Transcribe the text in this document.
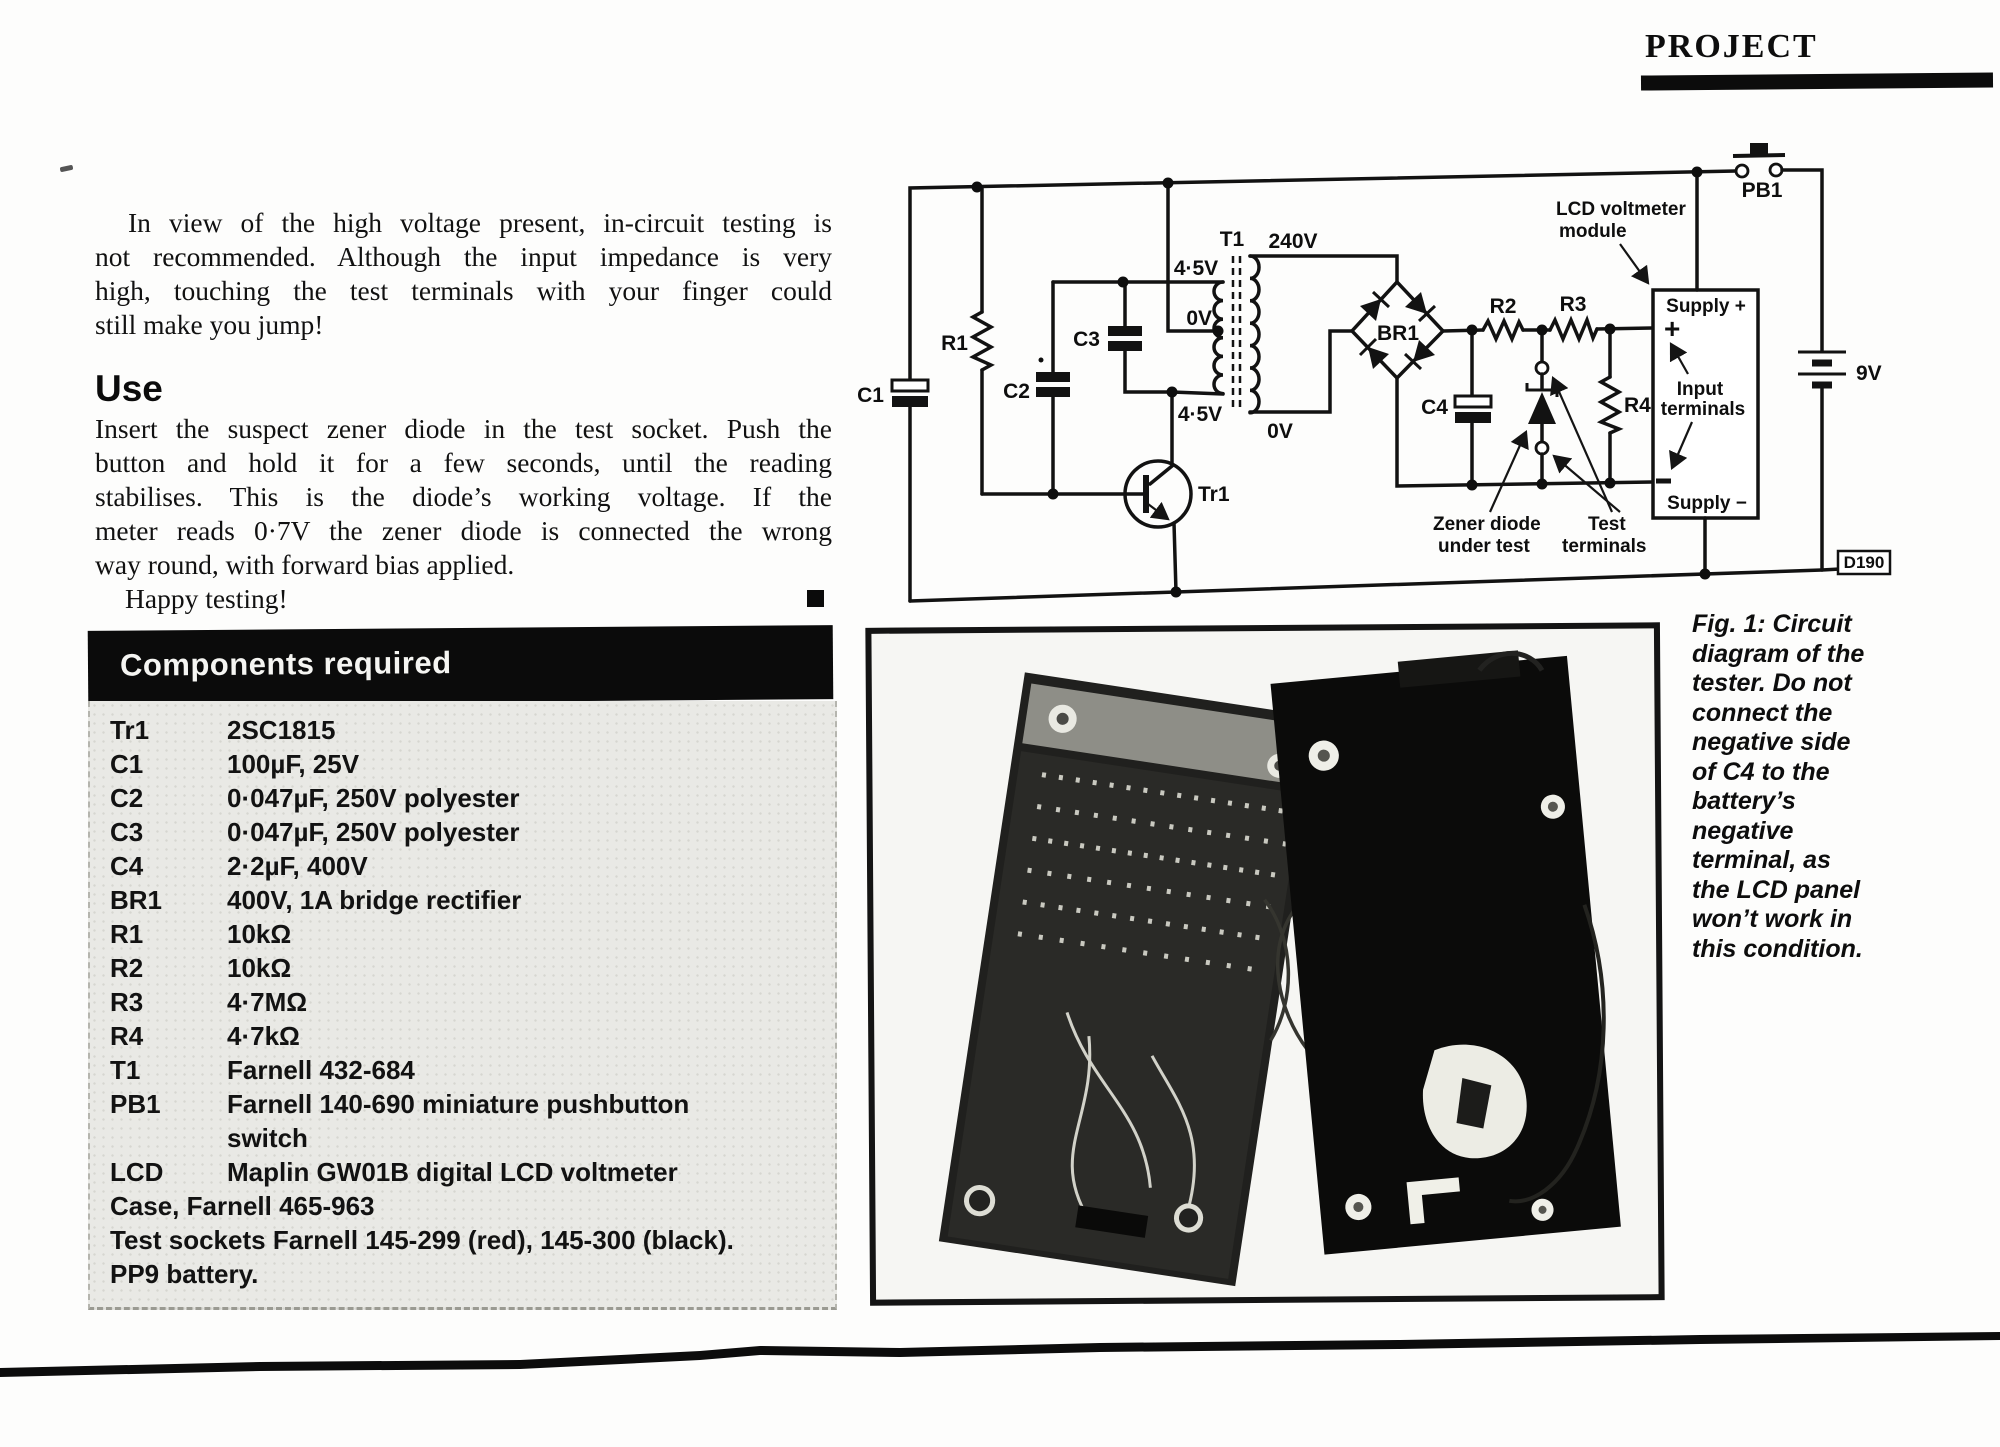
PROJECT
In view of the high voltage present, in-circuit testing is
not recommended. Although the input impedance is very
high, touching the test terminals with your finger could
still make you jump!
Use
Insert the suspect zener diode in the test socket. Push the
button and hold it for a few seconds, until the reading
stabilises. This is the diode’s working voltage. If the
meter reads 0·7V the zener diode is connected the wrong
way round, with forward bias applied.
Happy testing!
Components required
Tr1	2SC1815
C1	100µF, 25V
C2	0·047µF, 250V polyester
C3	0·047µF, 250V polyester
C4	2·2µF, 400V
BR1 400V, 1A bridge rectifier
R1	10kΩ
R2	10kΩ
R3	4·7MΩ
R4	4·7kΩ
T1	Farnell 432-684
PB1	Farnell 140-690 miniature pushbutton
switch
LCD Maplin GW01B digital LCD voltmeter
Case, Farnell 465-963
Test sockets Farnell 145-299 (red), 145-300 (black).
PP9 battery.
Fig. 1: Circuit
diagram of the
tester. Do not
connect the
negative side
of C4 to the
battery’s
negative
terminal, as
the LCD panel
won’t work in
this condition.
C1
R1
C2
C3
4·5V
0V
4·5V
T1 240V
0V
BR1
R2 R3
C4	R4
Supply +
+
Input
terminals
Supply −
LCD voltmeter
module
PB1
9V
Tr1
D190
Zener diode
under test
Test
terminals
